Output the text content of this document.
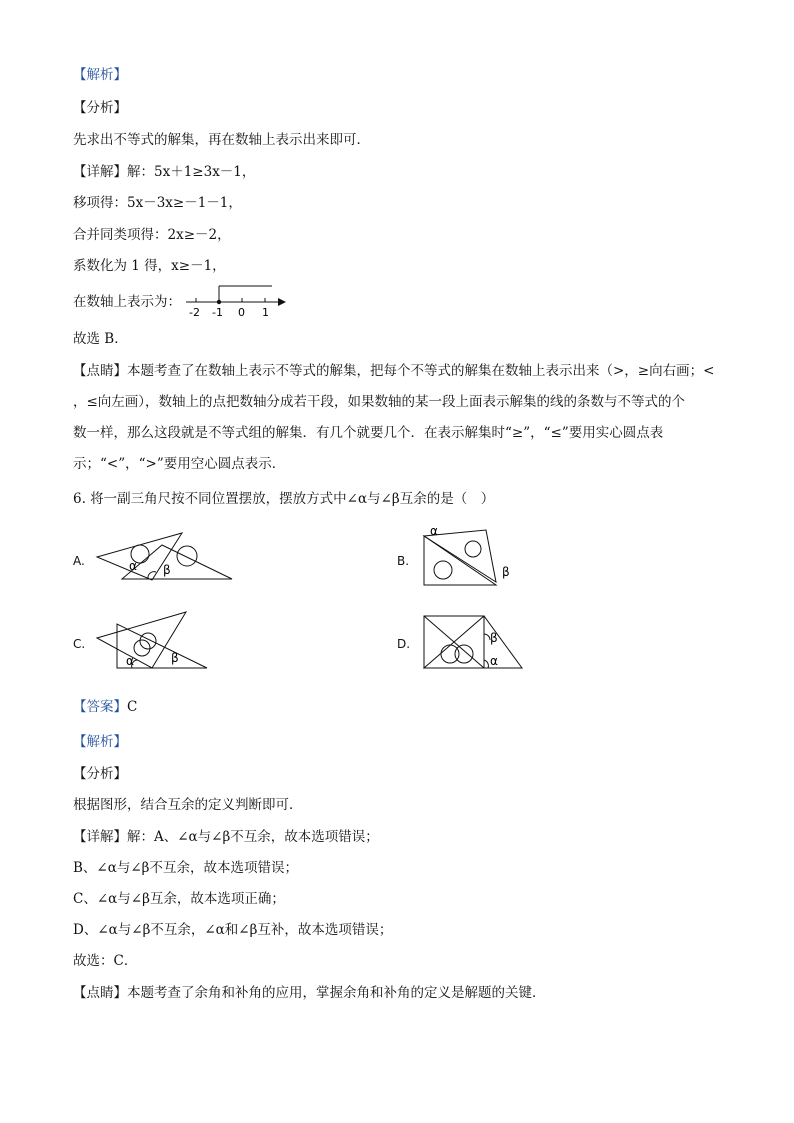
【解析】
【分析】
先求出不等式的解集，再在数轴上表示出来即可．
【详解】解：5x＋1≥3x－1，
移项得：5x－3x≥－1－1，
合并同类项得：2x≥－2，
系数化为 1 得，x≥－1，
在数轴上表示为：
-2 -1 0 1
故选 B．
【点睛】本题考查了在数轴上表示不等式的解集，把每个不等式的解集在数轴上表示出来（>，≥向右画；<
，≤向左画），数轴上的点把数轴分成若干段，如果数轴的某一段上面表示解集的线的条数与不等式的个
数一样，那么这段就是不等式组的解集．有几个就要几个．在表示解集时“≥”，“≤”要用实心圆点表
示；“<”，“>”要用空心圆点表示．
6. 将一副三角尺按不同位置摆放，摆放方式中∠α与∠β互余的是（　）
A.	α β
B.
α
β
C.
α	β
D.	β
α
【答案】C
【解析】
【分析】
根据图形，结合互余的定义判断即可．
【详解】解：A、∠α与∠β不互余，故本选项错误；
B、∠α与∠β不互余，故本选项错误；
C、∠α与∠β互余，故本选项正确；
D、∠α与∠β不互余，∠α和∠β互补，故本选项错误；
故选：C．
【点睛】本题考查了余角和补角的应用，掌握余角和补角的定义是解题的关键．
